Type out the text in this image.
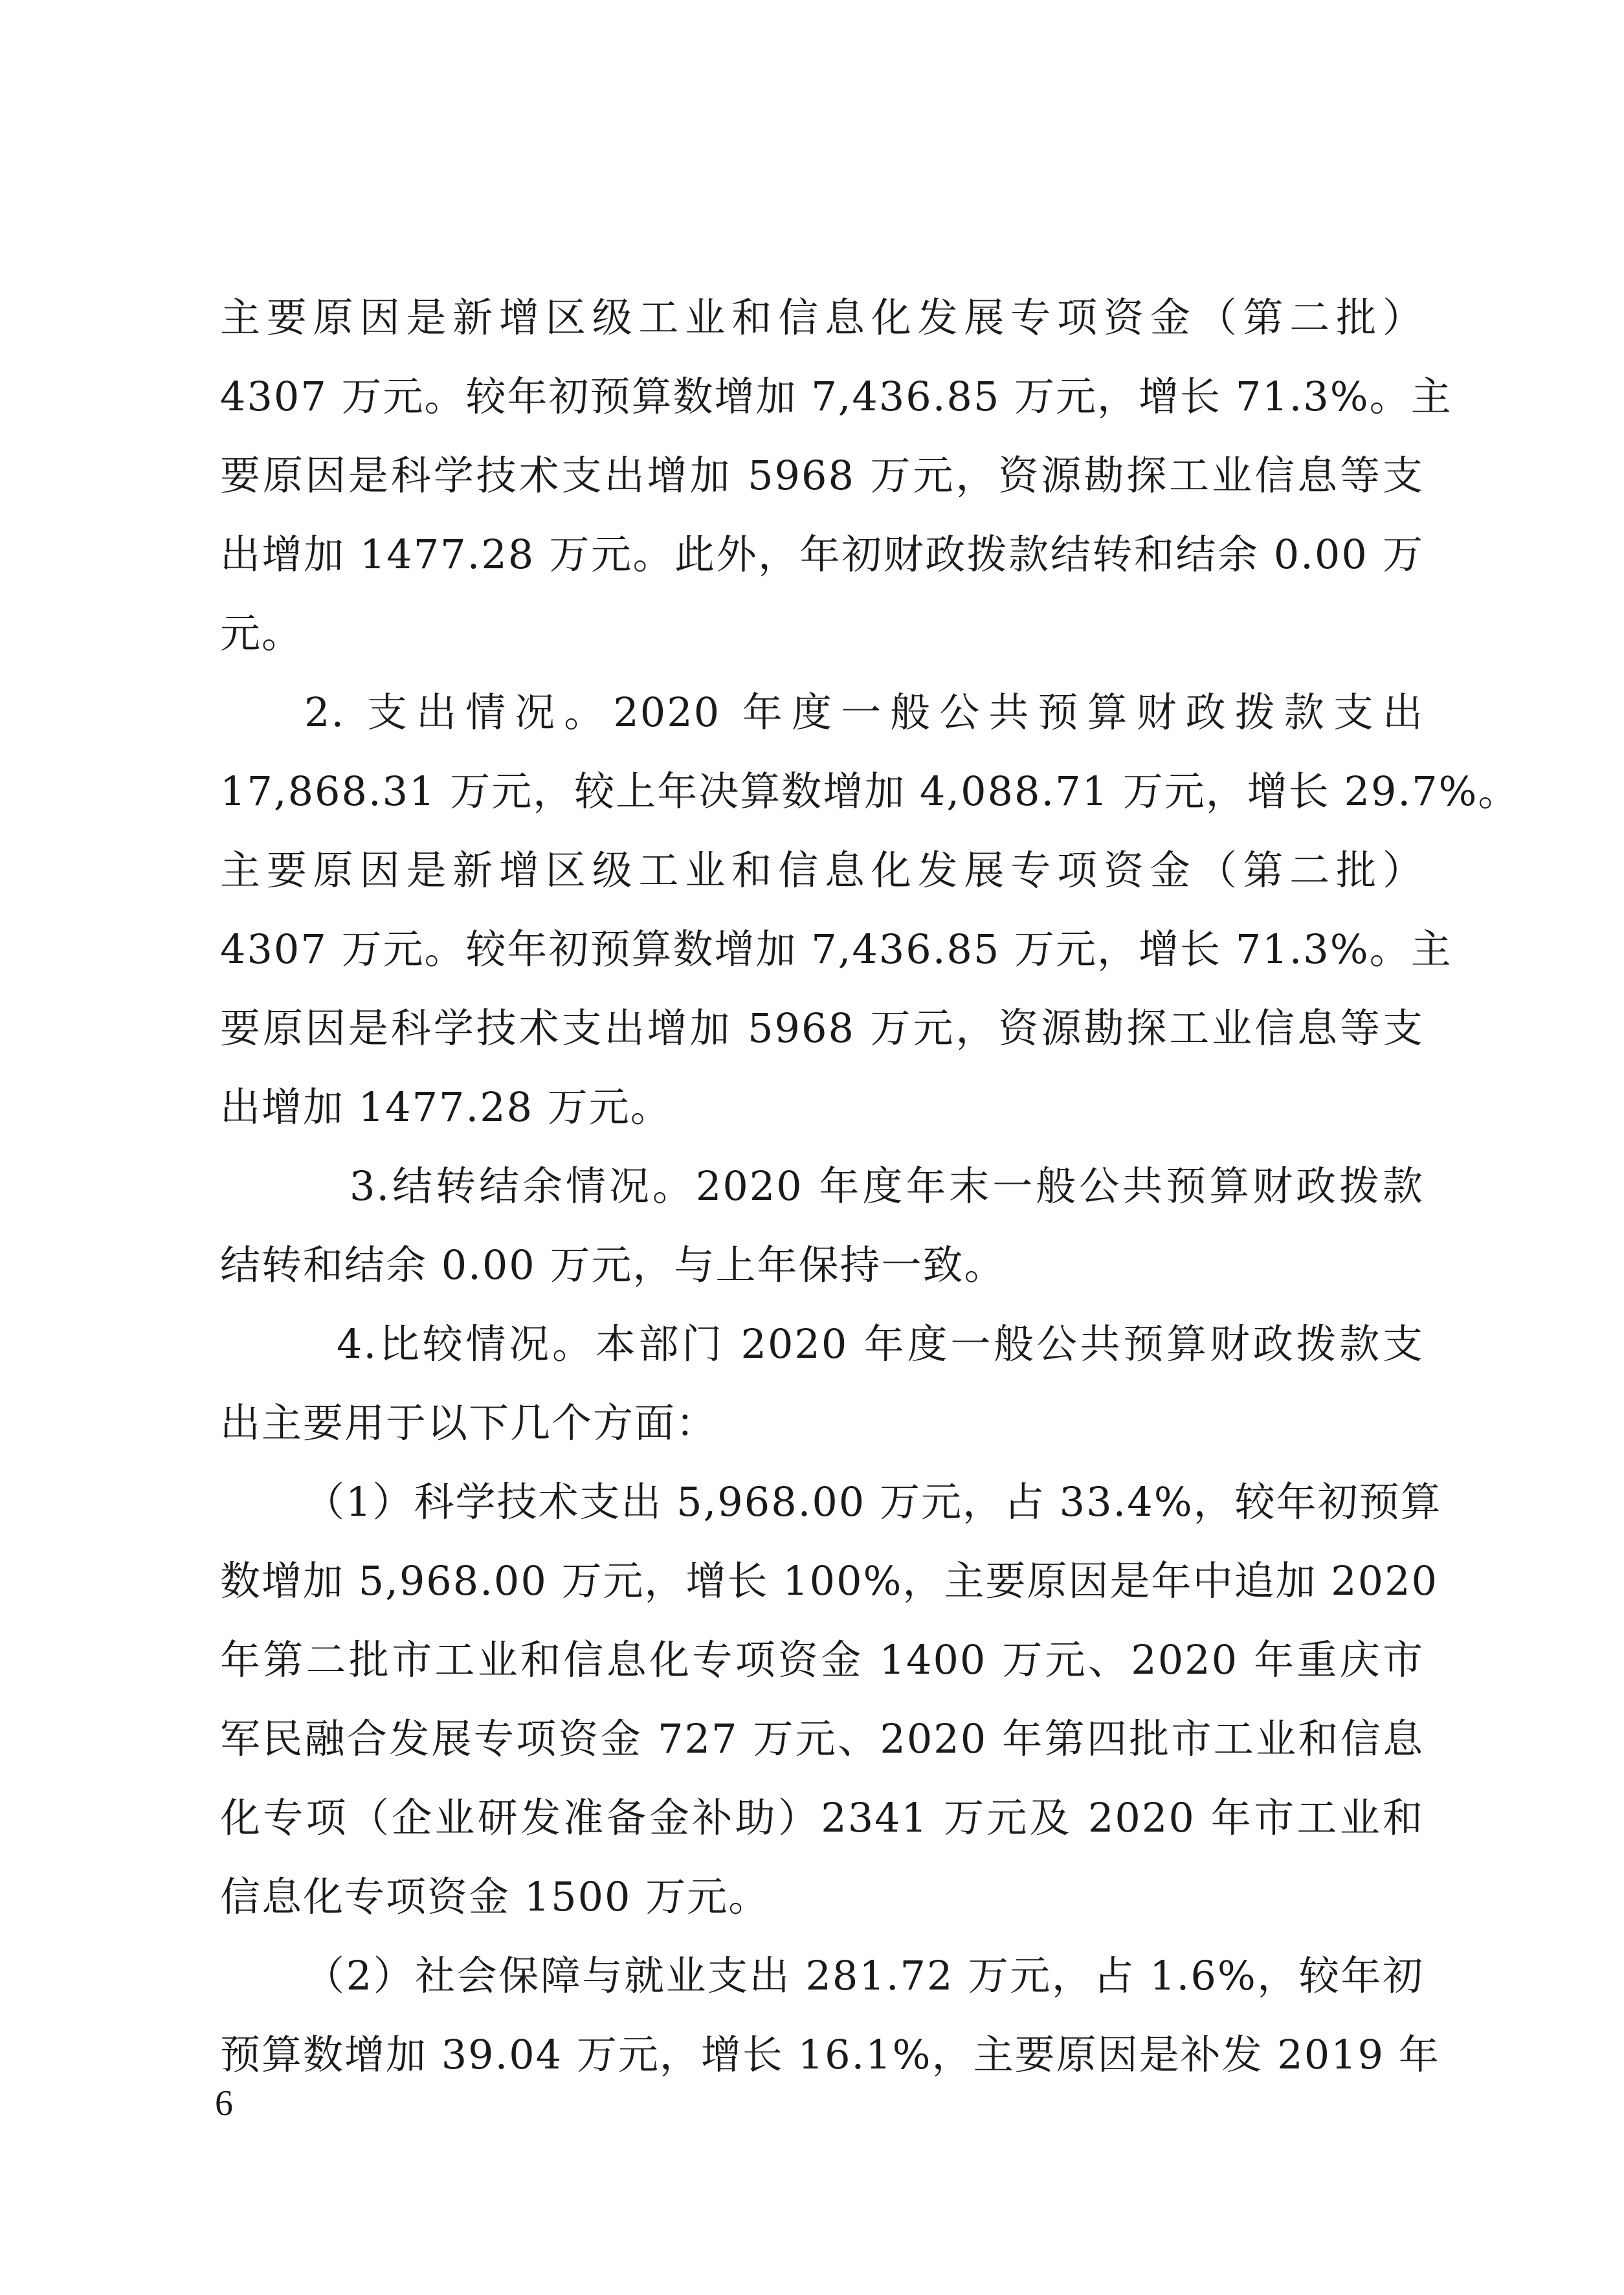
主要原因是新增区级工业和信息化发展专项资金（第二批）
4307 万元。较年初预算数增加 7,436.85 万元，增长 71.3%。主
要原因是科学技术支出增加 5968 万元，资源勘探工业信息等支
出增加 1477.28 万元。此外，年初财政拨款结转和结余 0.00 万
元。
2. 支出情况。2020 年度一般公共预算财政拨款支出
17,868.31 万元，较上年决算数增加 4,088.71 万元，增长 29.7%。
主要原因是新增区级工业和信息化发展专项资金（第二批）
4307 万元。较年初预算数增加 7,436.85 万元，增长 71.3%。主
要原因是科学技术支出增加 5968 万元，资源勘探工业信息等支
出增加 1477.28 万元。
3.结转结余情况。2020 年度年末一般公共预算财政拨款
结转和结余 0.00 万元，与上年保持一致。
4.比较情况。本部门 2020 年度一般公共预算财政拨款支
出主要用于以下几个方面：
（1）科学技术支出 5,968.00 万元，占 33.4%，较年初预算
数增加 5,968.00 万元，增长 100%，主要原因是年中追加 2020
年第二批市工业和信息化专项资金 1400 万元、2020 年重庆市
军民融合发展专项资金 727 万元、2020 年第四批市工业和信息
化专项（企业研发准备金补助）2341 万元及 2020 年市工业和
信息化专项资金 1500 万元。
（2）社会保障与就业支出 281.72 万元，占 1.6%，较年初
预算数增加 39.04 万元，增长 16.1%，主要原因是补发 2019 年
6
